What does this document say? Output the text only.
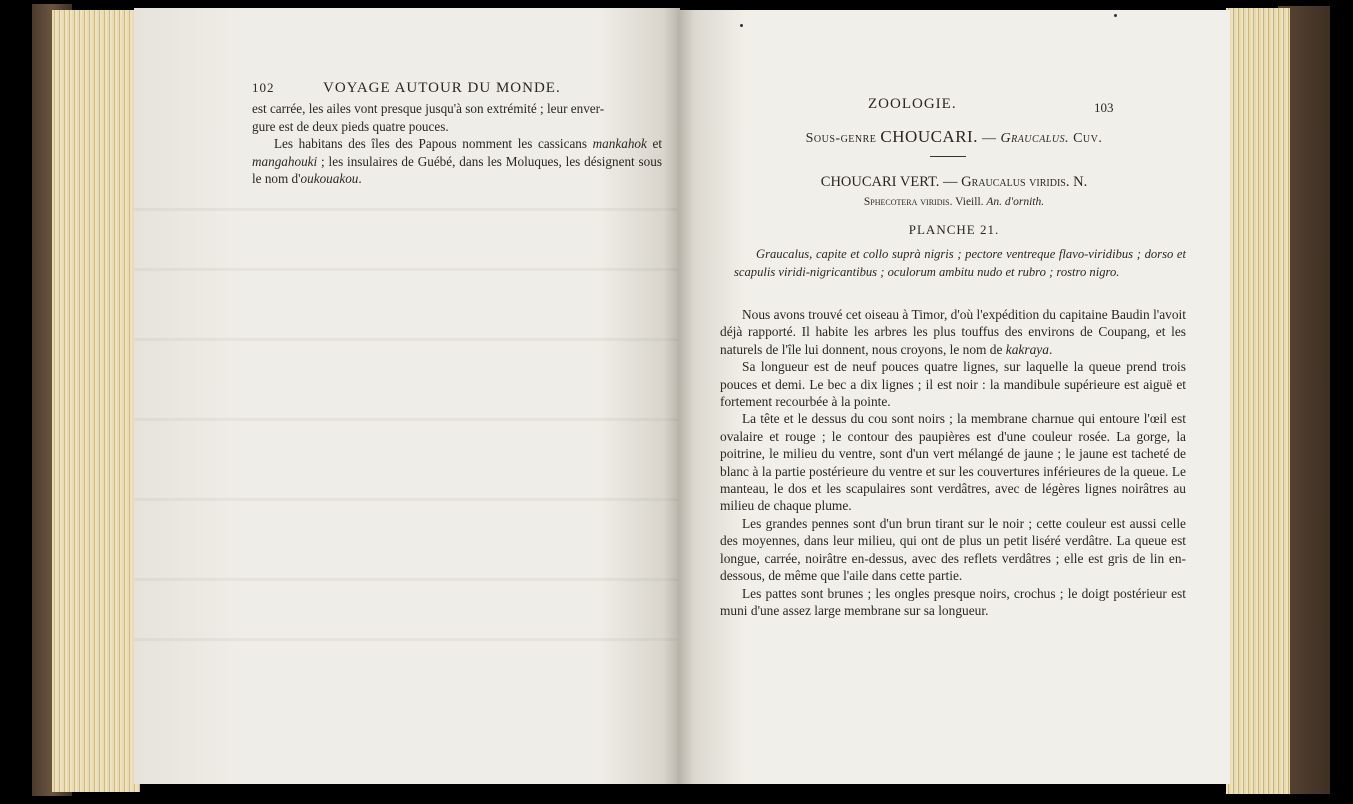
102	VOYAGE AUTOUR DU MONDE.

est carrée, les ailes vont presque jusqu'à son extrémité ; leur enver-
gure est de deux pieds quatre pouces.

Les habitans des îles des Papous nomment les cassicans mankahok et mangahouki ; les insulaires de Guébé, dans les Moluques, les désignent sous le nom d'oukouakou.

ZOOLOGIE.	103
Sous-genre CHOUCARI. — Graucalus. Cuv.
CHOUCARI VERT. — Graucalus viridis. N.
Sphecotera viridis. Vieill. An. d'ornith.
PLANCHE 21.
Graucalus, capite et collo suprà nigris ; pectore ventreque flavo-viridibus ; dorso et scapulis viridi-nigricantibus ; oculorum ambitu nudo et rubro ; rostro nigro.

Nous avons trouvé cet oiseau à Timor, d'où l'expédition du capitaine Baudin l'avoit déjà rapporté. Il habite les arbres les plus touffus des environs de Coupang, et les naturels de l'île lui donnent, nous croyons, le nom de kakraya.

Sa longueur est de neuf pouces quatre lignes, sur laquelle la queue prend trois pouces et demi. Le bec a dix lignes ; il est noir : la mandibule supérieure est aiguë et fortement recourbée à la pointe.

La tête et le dessus du cou sont noirs ; la membrane charnue qui entoure l'œil est ovalaire et rouge ; le contour des paupières est d'une couleur rosée. La gorge, la poitrine, le milieu du ventre, sont d'un vert mélangé de jaune ; le jaune est tacheté de blanc à la partie postérieure du ventre et sur les couvertures inférieures de la queue. Le manteau, le dos et les scapulaires sont verdâtres, avec de légères lignes noirâtres au milieu de chaque plume.

Les grandes pennes sont d'un brun tirant sur le noir ; cette couleur est aussi celle des moyennes, dans leur milieu, qui ont de plus un petit liséré verdâtre. La queue est longue, carrée, noirâtre en-dessus, avec des reflets verdâtres ; elle est gris de lin en-dessous, de même que l'aile dans cette partie.

Les pattes sont brunes ; les ongles presque noirs, crochus ; le doigt postérieur est muni d'une assez large membrane sur sa longueur.
